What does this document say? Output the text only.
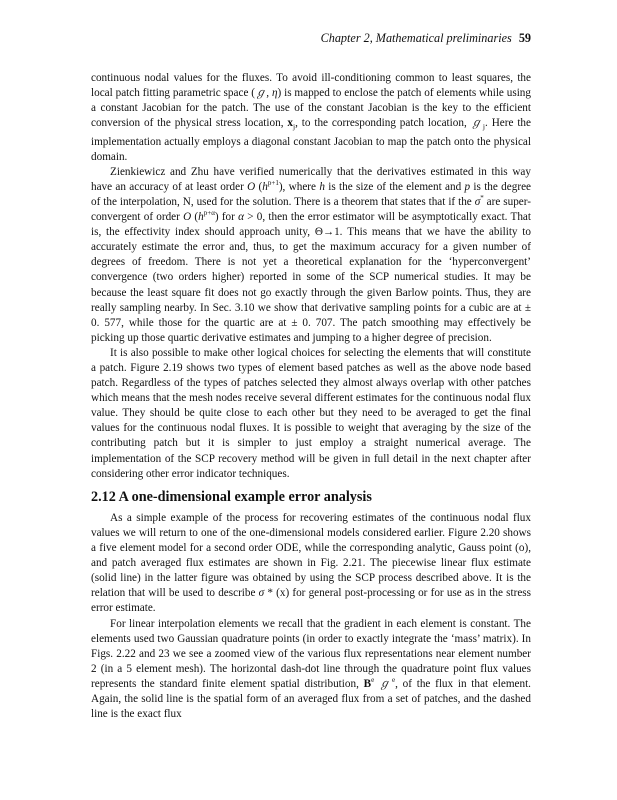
Chapter 2, Mathematical preliminaries 59

continuous nodal values for the fluxes. To avoid ill-conditioning common to least squares, the local patch fitting parametric space (ℊ, η) is mapped to enclose the patch of elements while using a constant Jacobian for the patch. The use of the constant Jacobian is the key to the efficient conversion of the physical stress location, $x_j$, to the corresponding patch location, ℊ$_j$. Here the implementation actually employs a diagonal constant Jacobian to map the patch onto the physical domain.

Zienkiewicz and Zhu have verified numerically that the derivatives estimated in this way have an accuracy of at least order O $(h^{p+1})$, where h is the size of the element and p is the degree of the interpolation, N, used for the solution. There is a theorem that states that if the σ* are super-convergent of order O $(h^{p+\alpha})$ for α > 0, then the error estimator will be asymptotically exact. That is, the effectivity index should approach unity, Θ→1. This means that we have the ability to accurately estimate the error and, thus, to get the maximum accuracy for a given number of degrees of freedom. There is not yet a theoretical explanation for the ‘hyperconvergent’ convergence (two orders higher) reported in some of the SCP numerical studies. It may be because the least square fit does not go exactly through the given Barlow points. Thus, they are really sampling nearby. In Sec. 3.10 we show that derivative sampling points for a cubic are at ± 0. 577, while those for the quartic are at ± 0. 707. The patch smoothing may effectively be picking up those quartic derivative estimates and jumping to a higher degree of precision.

It is also possible to make other logical choices for selecting the elements that will constitute a patch. Figure 2.19 shows two types of element based patches as well as the above node based patch. Regardless of the types of patches selected they almost always overlap with other patches which means that the mesh nodes receive several different estimates for the continuous nodal flux value. They should be quite close to each other but they need to be averaged to get the final values for the continuous nodal fluxes. It is possible to weight that averaging by the size of the contributing patch but it is simpler to just employ a straight numerical average. The implementation of the SCP recovery method will be given in full detail in the next chapter after considering other error indicator techniques.

2.12 A one-dimensional example error analysis

As a simple example of the process for recovering estimates of the continuous nodal flux values we will return to one of the one-dimensional models considered earlier. Figure 2.20 shows a five element model for a second order ODE, while the corresponding analytic, Gauss point (o), and patch averaged flux estimates are shown in Fig. 2.21. The piecewise linear flux estimate (solid line) in the latter figure was obtained by using the SCP process described above. It is the relation that will be used to describe σ * (x) for general post-processing or for use as in the stress error estimate.

For linear interpolation elements we recall that the gradient in each element is constant. The elements used two Gaussian quadrature points (in order to exactly integrate the ‘mass’ matrix). In Figs. 2.22 and 23 we see a zoomed view of the various flux representations near element number 2 (in a 5 element mesh). The horizontal dash-dot line through the quadrature point flux values represents the standard finite element spatial distribution, $B^e$ ℊ$^e$, of the flux in that element. Again, the solid line is the spatial form of an averaged flux from a set of patches, and the dashed line is the exact flux
